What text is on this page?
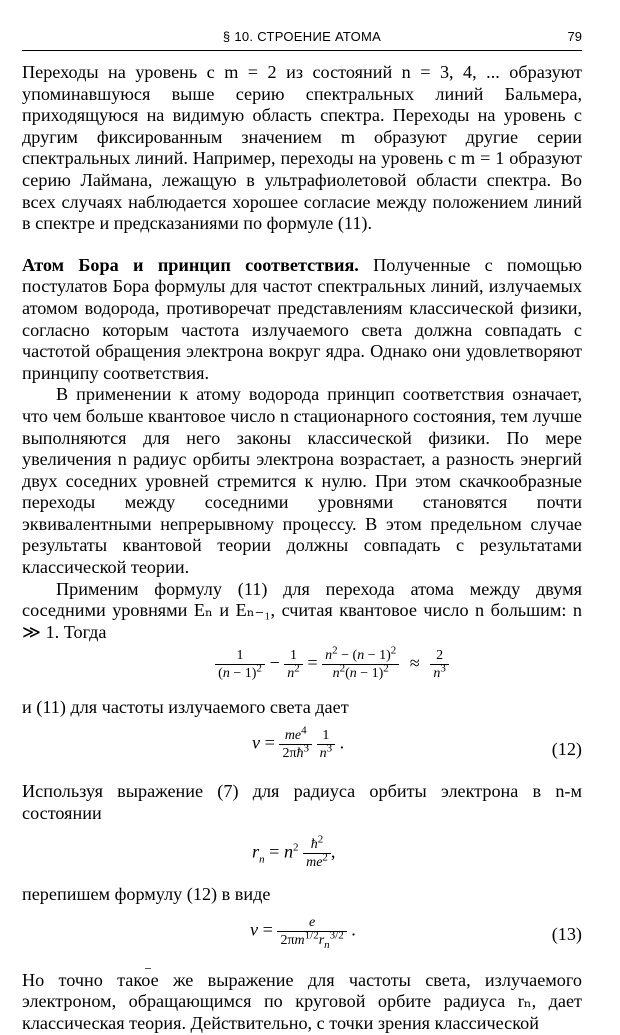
§ 10. СТРОЕНИЕ АТОМА	79

Переходы на уровень с m = 2 из состояний n = 3, 4, ... образуют упоминавшуюся выше серию спектральных линий Бальмера, приходящуюся на видимую область спектра. Переходы на уровень с другим фиксированным значением m образуют другие серии спектральных линий. Например, переходы на уровень с m = 1 образуют серию Лаймана, лежащую в ультрафиолетовой области спектра. Во всех случаях наблюдается хорошее согласие между положением линий в спектре и предсказаниями по формуле (11).

Атом Бора и принцип соответствия. Полученные с помощью постулатов Бора формулы для частот спектральных линий, излучаемых атомом водорода, противоречат представлениям классической физики, согласно которым частота излучаемого света должна совпадать с частотой обращения электрона вокруг ядра. Однако они удовлетворяют принципу соответствия.

В применении к атому водорода принцип соответствия означает, что чем больше квантовое число n стационарного состояния, тем лучше выполняются для него законы классической физики. По мере увеличения n радиус орбиты электрона возрастает, а разность энергий двух соседних уровней стремится к нулю. При этом скачкообразные переходы между соседними уровнями становятся почти эквивалентными непрерывному процессу. В этом предельном случае результаты квантовой теории должны совпадать с результатами классической теории.

Применим формулу (11) для перехода атома между двумя соседними уровнями Eₙ и Eₙ₋₁, считая квантовое число n большим: n ≫ 1. Тогда

$\frac{1}{(n - 1)^2} - \frac{1}{n^2} = \frac{n^2 - (n - 1)^2}{n^2(n - 1)^2} \approx \frac{2}{n^3}$

и (11) для частоты излучаемого света дает

$\nu = \frac{me^4}{2\pi ħ^3}$
$\frac{1}{n^3}$ .	(12)

Используя выражение (7) для радиуса орбиты электрона в n-м состоянии

$r_n = n^2 \frac{ħ^2}{me^2}$ ,

перепишем формулу (12) в виде

$\nu = \frac{e}{2\pi m^{1/2}r_n^{3/2}}$ .	(13)

Но точно такое же выражение для частоты света, излучаемого электроном, обращающимся по круговой орбите радиуса rₙ, дает классическая теория. Действительно, с точки зрения классической
